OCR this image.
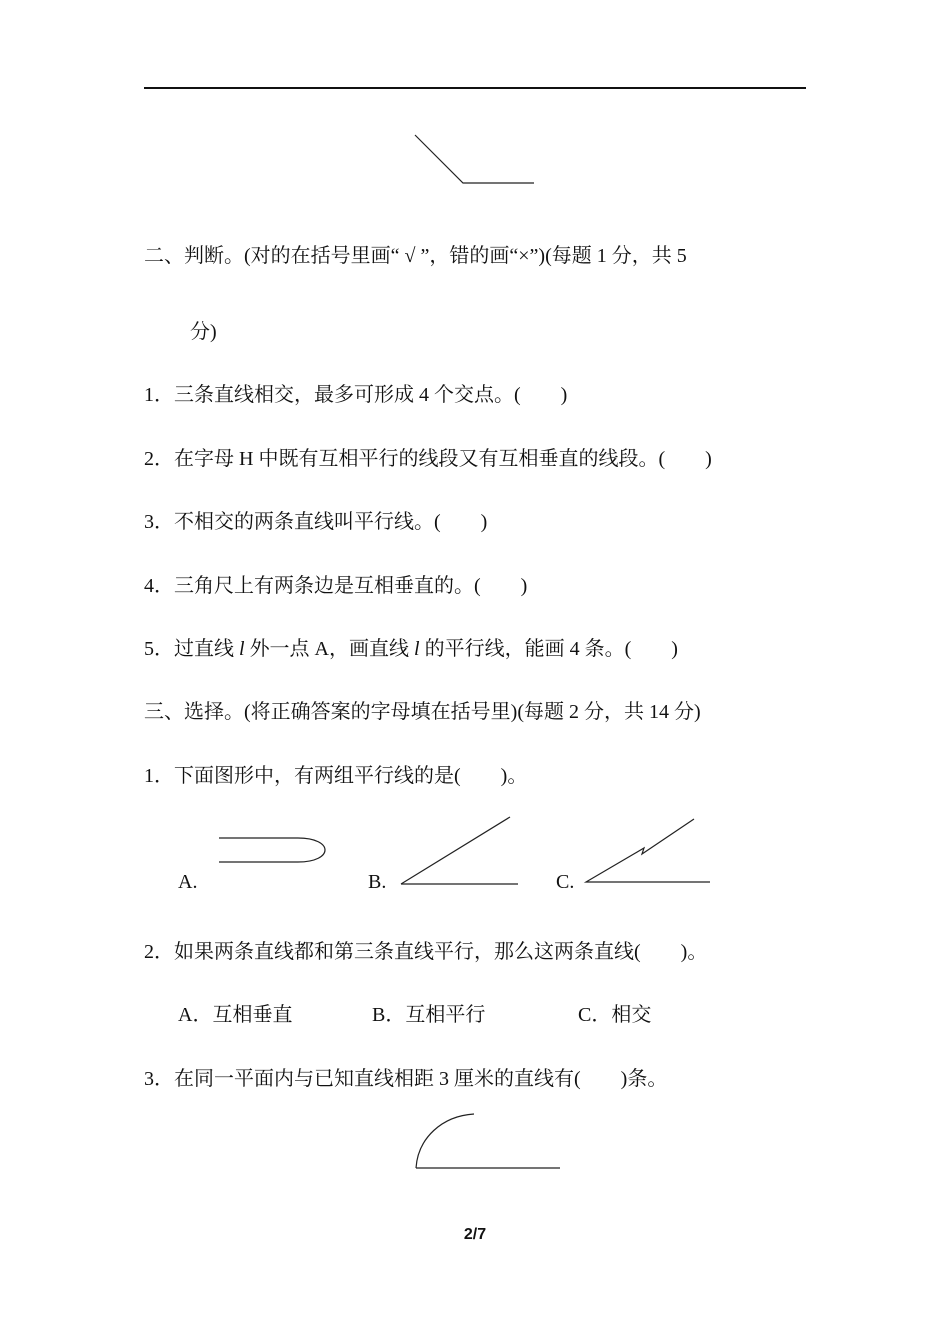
二、判断。(对的在括号里画“ √ ”，错的画“×”)(每题 1 分，共 5
分)
1．三条直线相交，最多可形成 4 个交点。(　　)
2．在字母 H 中既有互相平行的线段又有互相垂直的线段。(　　)
3．不相交的两条直线叫平行线。(　　)
4．三角尺上有两条边是互相垂直的。(　　)
5．过直线 l 外一点 A，画直线 l 的平行线，能画 4 条。(　　)
三、选择。(将正确答案的字母填在括号里)(每题 2 分，共 14 分)
1．下面图形中，有两组平行线的是(　　)。
A.	B.	C.
2．如果两条直线都和第三条直线平行，那么这两条直线(　　)。
A．互相垂直	B．互相平行	C．相交
3．在同一平面内与已知直线相距 3 厘米的直线有(　　)条。
2/7
